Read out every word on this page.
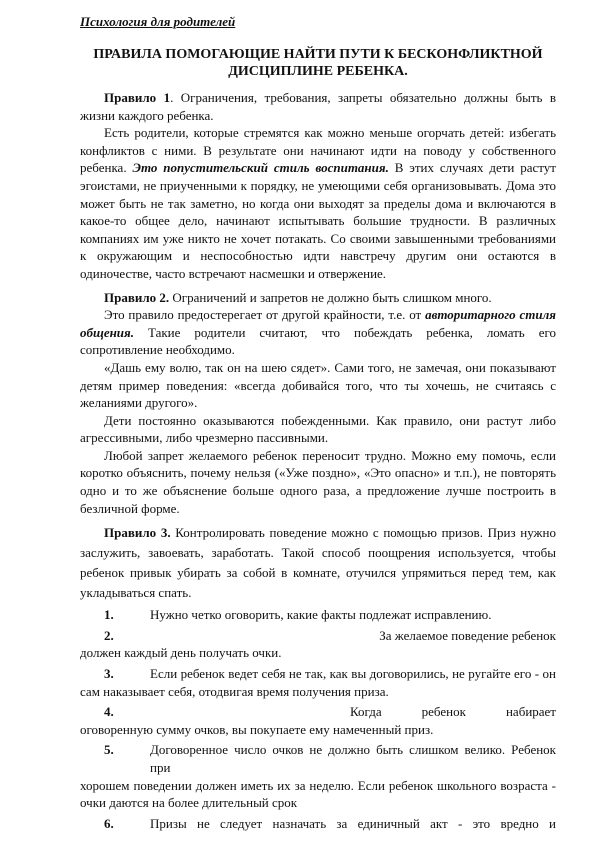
Психология для родителей
ПРАВИЛА ПОМОГАЮЩИЕ НАЙТИ ПУТИ К БЕСКОНФЛИКТНОЙ ДИСЦИПЛИНЕ РЕБЕНКА.

Правило 1. Ограничения, требования, запреты обязательно должны быть в жизни каждого ребенка.

Есть родители, которые стремятся как можно меньше огорчать детей: избегать конфликтов с ними. В результате они начинают идти на поводу у собственного ребенка. Это попустительский стиль воспитания. В этих случаях дети растут эгоистами, не приученными к порядку, не умеющими себя организовывать. Дома это может быть не так заметно, но когда они выходят за пределы дома и включаются в какое-то общее дело, начинают испытывать большие трудности. В различных компаниях им уже никто не хочет потакать. Со своими завышенными требованиями к окружающим и неспособностью идти навстречу другим они остаются в одиночестве, часто встречают насмешки и отвержение.

Правило 2. Ограничений и запретов не должно быть слишком много.

Это правило предостерегает от другой крайности, т.е. от авторитарного стиля общения. Такие родители считают, что побеждать ребенка, ломать его сопротивление необходимо.

«Дашь ему волю, так он на шею сядет». Сами того, не замечая, они показывают детям пример поведения: «всегда добивайся того, что ты хочешь, не считаясь с желаниями другого».

Дети постоянно оказываются побежденными. Как правило, они растут либо агрессивными, либо чрезмерно пассивными.

Любой запрет желаемого ребенок переносит трудно. Можно ему помочь, если коротко объяснить, почему нельзя («Уже поздно», «Это опасно» и т.п.), не повторять одно и то же объяснение больше одного раза, а предложение лучше построить в безличной форме.

Правило 3. Контролировать поведение можно с помощью призов. Приз нужно заслужить, завоевать, заработать. Такой способ поощрения используется, чтобы ребенок привык убирать за собой в комнате, отучился упрямиться перед тем, как укладываться спать.

1.	Нужно четко оговорить, какие факты подлежат исправлению.
2.	За желаемое поведение ребенок
должен каждый день получать очки.
3.	Если ребенок ведет себя не так, как вы договорились, не ругайте его - он
сам наказывает себя, отодвигая время получения приза.
4.	Когда ребенок набирает
оговоренную сумму очков, вы покупаете ему намеченный приз.
5.	Договоренное число очков не должно быть слишком велико. Ребенок при
хорошем поведении должен иметь их за неделю. Если ребенок школьного возраста - очки даются на более длительный срок
6.	Призы не следует назначать за единичный акт - это вредно и
